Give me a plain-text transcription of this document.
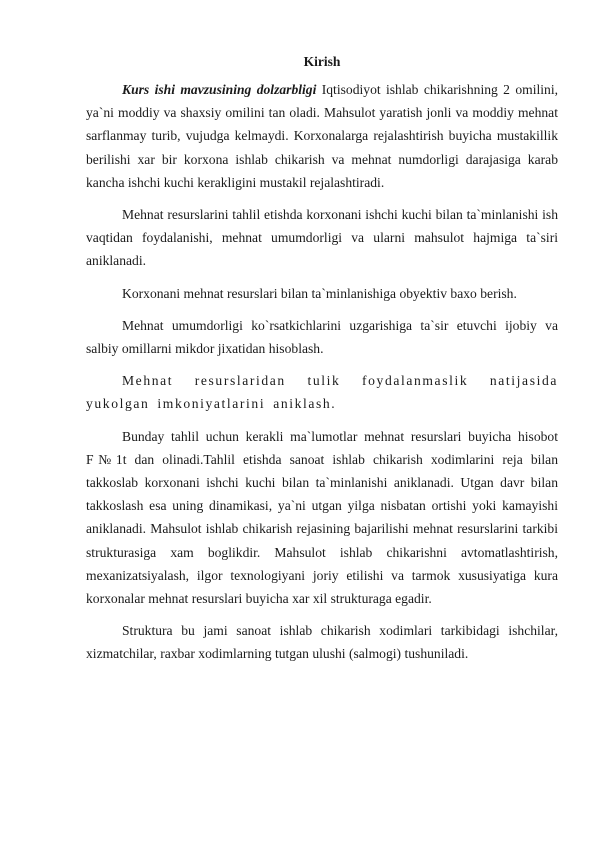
Kirish

Kurs ishi mavzusining dolzarbligi Iqtisodiyot ishlab chikarishning 2 omilini, ya`ni moddiy va shaxsiy omilini tan oladi. Mahsulot yaratish jonli va moddiy mehnat sarflanmay turib, vujudga kelmaydi. Korxonalarga rejalashtirish buyicha mustakillik berilishi xar bir korxona ishlab chikarish va mehnat numdorligi darajasiga karab kancha ishchi kuchi kerakligini mustakil rejalashtiradi.

Mehnat resurslarini tahlil etishda korxonani ishchi kuchi bilan ta`minlanishi ish vaqtidan foydalanishi, mehnat umumdorligi va ularni mahsulot hajmiga ta`siri aniklanadi.

Korxonani mehnat resurslari bilan ta`minlanishiga obyektiv baxo berish.

Mehnat umumdorligi ko`rsatkichlarini uzgarishiga ta`sir etuvchi ijobiy va salbiy omillarni mikdor jixatidan hisoblash.

Mehnat resurslaridan tulik foydalanmaslik natijasida yukolgan imkoniyatlarini aniklash.

Bunday tahlil uchun kerakli ma`lumotlar mehnat resurslari buyicha hisobot F№1t dan olinadi.Tahlil etishda sanoat ishlab chikarish xodimlarini reja bilan takkoslab korxonani ishchi kuchi bilan ta`minlanishi aniklanadi. Utgan davr bilan takkoslash esa uning dinamikasi, ya`ni utgan yilga nisbatan ortishi yoki kamayishi aniklanadi. Mahsulot ishlab chikarish rejasining bajarilishi mehnat resurslarini tarkibi strukturasiga xam boglikdir. Mahsulot ishlab chikarishni avtomatlashtirish, mexanizatsiyalash, ilgor texnologiyani joriy etilishi va tarmok xususiyatiga kura korxonalar mehnat resurslari buyicha xar xil strukturaga egadir.

Struktura bu jami sanoat ishlab chikarish xodimlari tarkibidagi ishchilar, xizmatchilar, raxbar xodimlarning tutgan ulushi (salmogi) tushuniladi.
